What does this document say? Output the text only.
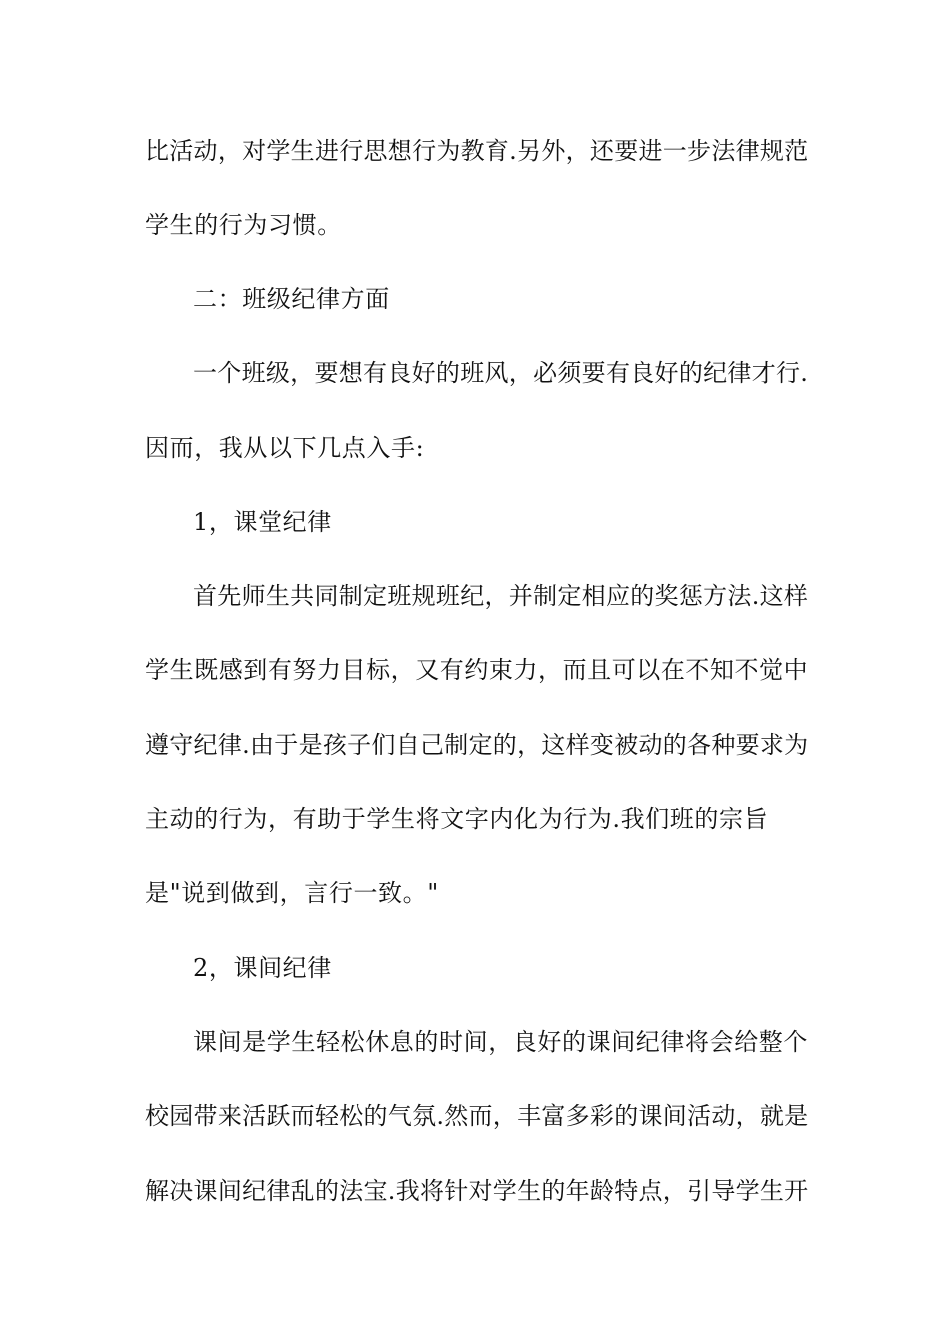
比活动，对学生进行思想行为教育.另外，还要进一步法律规范
学生的行为习惯。
二：班级纪律方面
一个班级，要想有良好的班风，必须要有良好的纪律才行.
因而，我从以下几点入手:
1，课堂纪律
首先师生共同制定班规班纪，并制定相应的奖惩方法.这样
学生既感到有努力目标，又有约束力，而且可以在不知不觉中
遵守纪律.由于是孩子们自己制定的，这样变被动的各种要求为
主动的行为，有助于学生将文字内化为行为.我们班的宗旨
是"说到做到，言行一致。"
2，课间纪律
课间是学生轻松休息的时间，良好的课间纪律将会给整个
校园带来活跃而轻松的气氛.然而，丰富多彩的课间活动，就是
解决课间纪律乱的法宝.我将针对学生的年龄特点，引导学生开
